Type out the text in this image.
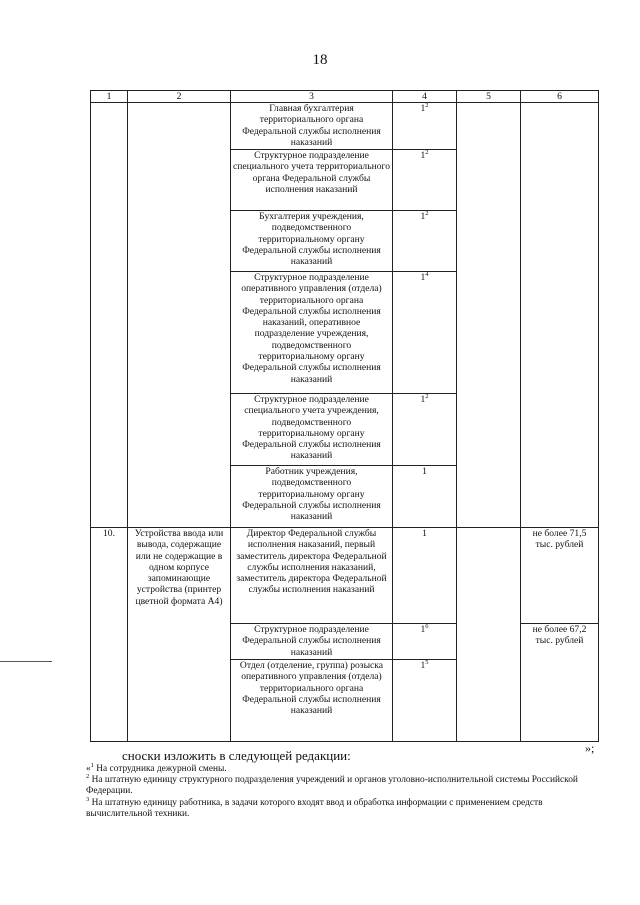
18
1	2	3	4	5	6
		Главная бухгалтерия территориального органа Федеральной службы исполнения наказаний	$1^2$		
		Структурное подразделение специального учета территориального органа Федеральной службы исполнения наказаний	$1^2$
		Бухгалтерия учреждения, подведомственного территориальному органу Федеральной службы исполнения наказаний	$1^2$
		Структурное подразделение оперативного управления (отдела) территориального органа Федеральной службы исполнения наказаний, оперативное подразделение учреждения, подведомственного территориальному органу Федеральной службы исполнения наказаний	$1^4$
		Структурное подразделение специального учета учреждения, подведомственного территориальному органу Федеральной службы исполнения наказаний	$1^2$
		Работник учреждения, подведомственного территориальному органу Федеральной службы исполнения наказаний	1		
10.	Устройства ввода или вывода, содержащие или не содержащие в одном корпусе запоминающие устройства (принтер цветной формата А4)	Директор Федеральной службы исполнения наказаний, первый заместитель директора Федеральной службы исполнения наказаний, заместитель директора Федеральной службы исполнения наказаний	1		не более 71,5 тыс. рублей
		Структурное подразделение Федеральной службы исполнения наказаний	$1^6$		не более 67,2 тыс. рублей
		Отдел (отделение, группа) розыска оперативного управления (отдела) территориального органа Федеральной службы исполнения наказаний	$1^5$
»;
сноски изложить в следующей редакции:

«$^1$ На сотрудника дежурной смены.

$^2$ На штатную единицу структурного подразделения учреждений и органов уголовно-исполнительной системы Российской Федерации.

$^3$ На штатную единицу работника, в задачи которого входят ввод и обработка информации с применением средств вычислительной техники.
